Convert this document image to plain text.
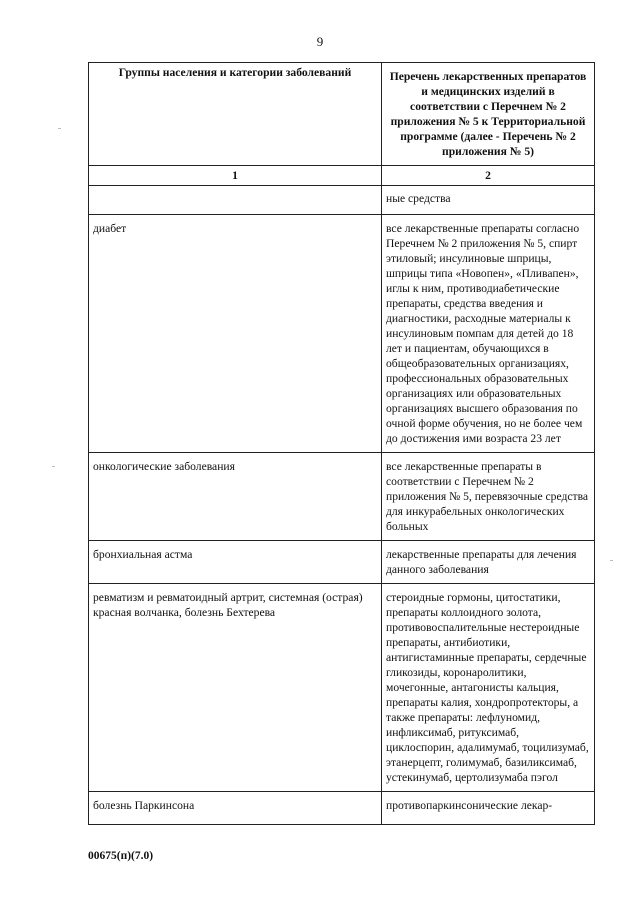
9
Группы населения и категории заболеваний	Перечень лекарственных препаратов и медицинских изделий в соответствии с Перечнем № 2 приложения № 5 к Территориальной программе (далее - Перечень № 2 приложения № 5)
1	2
	ные средства
диабет	все лекарственные препараты согласно Перечнем № 2 приложения № 5, спирт этиловый; инсулиновые шприцы, шприцы типа «Новопен», «Пливапен», иглы к ним, противодиабетические препараты, средства введения и диагностики, расходные материалы к инсулиновым помпам для детей до 18 лет и пациентам, обучающихся в общеобразовательных организациях, профессиональных образовательных организациях или образовательных организациях высшего образования по очной форме обучения, но не более чем до достижения ими возраста 23 лет
онкологические заболевания	все лекарственные препараты в соответствии с Перечнем № 2 приложения № 5, перевязочные средства для инкурабельных онкологических больных
бронхиальная астма	лекарственные препараты для лечения данного заболевания
ревматизм и ревматоидный артрит, системная (острая) красная волчанка, болезнь Бехтерева	стероидные гормоны, цитостатики, препараты коллоидного золота, противовоспалительные нестероидные препараты, антибиотики, антигистаминные препараты, сердечные гликозиды, коронаролитики, мочегонные, антагонисты кальция, препараты калия, хондропротекторы, а также препараты: лефлуномид, инфликсимаб, ритуксимаб, циклоспорин, адалимумаб, тоцилизумаб, этанерцепт, голимумаб, базиликсимаб, устекинумаб, цертолизумаба пэгол
болезнь Паркинсона	противопаркинсонические лекар-
00675(п)(7.0)
